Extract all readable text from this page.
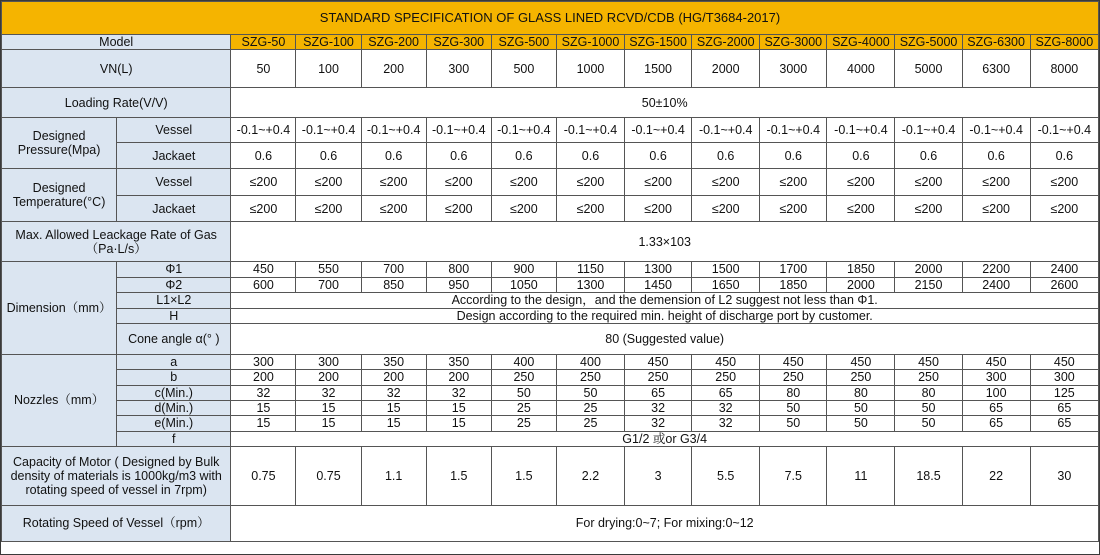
STANDARD SPECIFICATION OF GLASS LINED RCVD/CDB (HG/T3684-2017)														
Model		SZG-50	SZG-100	SZG-200	SZG-300	SZG-500	SZG-1000	SZG-1500	SZG-2000	SZG-3000	SZG-4000	SZG-5000	SZG-6300	SZG-8000
VN(L)		50	100	200	300	500	1000	1500	2000	3000	4000	5000	6300	8000
Loading Rate(V/V)		50±10%												
Designed Pressure(Mpa)	Vessel	-0.1~+0.4	-0.1~+0.4	-0.1~+0.4	-0.1~+0.4	-0.1~+0.4	-0.1~+0.4	-0.1~+0.4	-0.1~+0.4	-0.1~+0.4	-0.1~+0.4	-0.1~+0.4	-0.1~+0.4	-0.1~+0.4
	Jackaet	0.6	0.6	0.6	0.6	0.6	0.6	0.6	0.6	0.6	0.6	0.6	0.6	0.6
Designed Temperature(°C)	Vessel	≤200	≤200	≤200	≤200	≤200	≤200	≤200	≤200	≤200	≤200	≤200	≤200	≤200
	Jackaet	≤200	≤200	≤200	≤200	≤200	≤200	≤200	≤200	≤200	≤200	≤200	≤200	≤200
Max. Allowed Leackage Rate of Gas （Pa·L/s）		1.33×103												
Dimension（mm）	Φ1	450	550	700	800	900	1150	1300	1500	1700	1850	2000	2200	2400
	Φ2	600	700	850	950	1050	1300	1450	1650	1850	2000	2150	2400	2600
	L1×L2	According to the design，and the demension of L2 suggest not less than Φ1.												
	H	Design according to the required min. height of discharge port by customer.												
	Cone angle α(° )	80 (Suggested value)												
Nozzles（mm）	a	300	300	350	350	400	400	450	450	450	450	450	450	450
	b	200	200	200	200	250	250	250	250	250	250	250	300	300
	c(Min.)	32	32	32	32	50	50	65	65	80	80	80	100	125
	d(Min.)	15	15	15	15	25	25	32	32	50	50	50	65	65
	e(Min.)	15	15	15	15	25	25	32	32	50	50	50	65	65
	f	G1/2 或or G3/4												
Capacity of Motor ( Designed by Bulk density of materials is 1000kg/m3 with rotating speed of vessel in 7rpm)		0.75	0.75	1.1	1.5	1.5	2.2	3	5.5	7.5	11	18.5	22	30
Rotating Speed of Vessel（rpm）		For drying:0~7; For mixing:0~12												
